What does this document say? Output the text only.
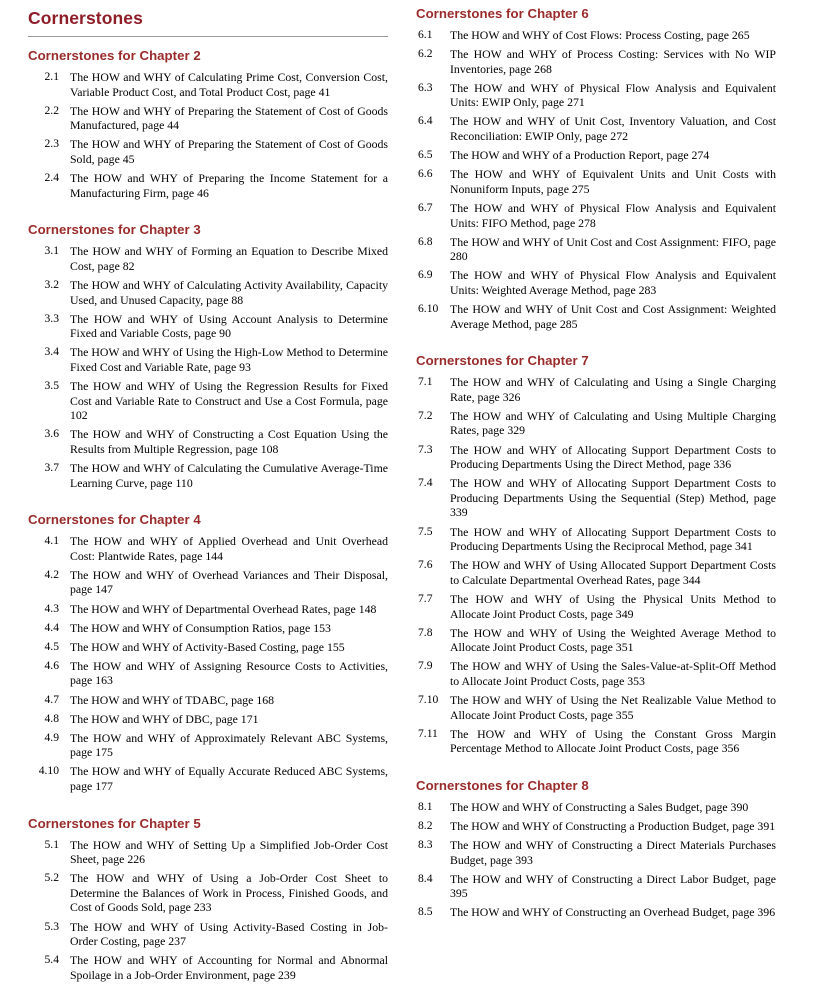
Cornerstones
Cornerstones for Chapter 2
2.1 The HOW and WHY of Calculating Prime Cost, Conversion Cost, Variable Product Cost, and Total Product Cost, page 41
2.2 The HOW and WHY of Preparing the Statement of Cost of Goods Manufactured, page 44
2.3 The HOW and WHY of Preparing the Statement of Cost of Goods Sold, page 45
2.4 The HOW and WHY of Preparing the Income Statement for a Manufacturing Firm, page 46
Cornerstones for Chapter 3
3.1 The HOW and WHY of Forming an Equation to Describe Mixed Cost, page 82
3.2 The HOW and WHY of Calculating Activity Availability, Capacity Used, and Unused Capacity, page 88
3.3 The HOW and WHY of Using Account Analysis to Determine Fixed and Variable Costs, page 90
3.4 The HOW and WHY of Using the High-Low Method to Determine Fixed Cost and Variable Rate, page 93
3.5 The HOW and WHY of Using the Regression Results for Fixed Cost and Variable Rate to Construct and Use a Cost Formula, page 102
3.6 The HOW and WHY of Constructing a Cost Equation Using the Results from Multiple Regression, page 108
3.7 The HOW and WHY of Calculating the Cumulative Average-Time Learning Curve, page 110
Cornerstones for Chapter 4
4.1 The HOW and WHY of Applied Overhead and Unit Overhead Cost: Plantwide Rates, page 144
4.2 The HOW and WHY of Overhead Variances and Their Disposal, page 147
4.3 The HOW and WHY of Departmental Overhead Rates, page 148
4.4 The HOW and WHY of Consumption Ratios, page 153
4.5 The HOW and WHY of Activity-Based Costing, page 155
4.6 The HOW and WHY of Assigning Resource Costs to Activities, page 163
4.7 The HOW and WHY of TDABC, page 168
4.8 The HOW and WHY of DBC, page 171
4.9 The HOW and WHY of Approximately Relevant ABC Systems, page 175
4.10 The HOW and WHY of Equally Accurate Reduced ABC Systems, page 177
Cornerstones for Chapter 5
5.1 The HOW and WHY of Setting Up a Simplified Job-Order Cost Sheet, page 226
5.2 The HOW and WHY of Using a Job-Order Cost Sheet to Determine the Balances of Work in Process, Finished Goods, and Cost of Goods Sold, page 233
5.3 The HOW and WHY of Using Activity-Based Costing in Job-Order Costing, page 237
5.4 The HOW and WHY of Accounting for Normal and Abnormal Spoilage in a Job-Order Environment, page 239
Cornerstones for Chapter 6
6.1	The HOW and WHY of Cost Flows: Process Costing, page 265
6.2	The HOW and WHY of Process Costing: Services with No WIP Inventories, page 268
6.3	The HOW and WHY of Physical Flow Analysis and Equivalent Units: EWIP Only, page 271
6.4	The HOW and WHY of Unit Cost, Inventory Valuation, and Cost Reconciliation: EWIP Only, page 272
6.5	The HOW and WHY of a Production Report, page 274
6.6	The HOW and WHY of Equivalent Units and Unit Costs with Nonuniform Inputs, page 275
6.7	The HOW and WHY of Physical Flow Analysis and Equivalent Units: FIFO Method, page 278
6.8	The HOW and WHY of Unit Cost and Cost Assignment: FIFO, page 280
6.9	The HOW and WHY of Physical Flow Analysis and Equivalent Units: Weighted Average Method, page 283
6.10 The HOW and WHY of Unit Cost and Cost Assignment: Weighted Average Method, page 285
Cornerstones for Chapter 7
7.1	The HOW and WHY of Calculating and Using a Single Charging Rate, page 326
7.2	The HOW and WHY of Calculating and Using Multiple Charging Rates, page 329
7.3	The HOW and WHY of Allocating Support Department Costs to Producing Departments Using the Direct Method, page 336
7.4	The HOW and WHY of Allocating Support Department Costs to Producing Departments Using the Sequential (Step) Method, page 339
7.5	The HOW and WHY of Allocating Support Department Costs to Producing Departments Using the Reciprocal Method, page 341
7.6	The HOW and WHY of Using Allocated Support Department Costs to Calculate Departmental Overhead Rates, page 344
7.7	The HOW and WHY of Using the Physical Units Method to Allocate Joint Product Costs, page 349
7.8	The HOW and WHY of Using the Weighted Average Method to Allocate Joint Product Costs, page 351
7.9	The HOW and WHY of Using the Sales-Value-at-Split-Off Method to Allocate Joint Product Costs, page 353
7.10 The HOW and WHY of Using the Net Realizable Value Method to Allocate Joint Product Costs, page 355
7.11	The HOW and WHY of Using the Constant Gross Margin Percentage Method to Allocate Joint Product Costs, page 356
Cornerstones for Chapter 8
8.1	The HOW and WHY of Constructing a Sales Budget, page 390
8.2	The HOW and WHY of Constructing a Production Budget, page 391
8.3	The HOW and WHY of Constructing a Direct Materials Purchases Budget, page 393
8.4	The HOW and WHY of Constructing a Direct Labor Budget, page 395
8.5	The HOW and WHY of Constructing an Overhead Budget, page 396
